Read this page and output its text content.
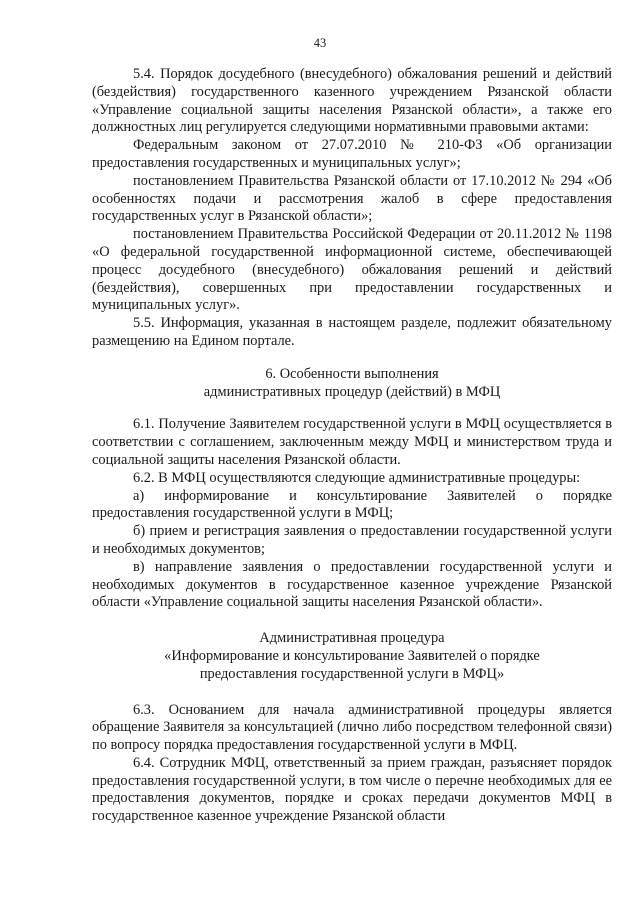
43

5.4. Порядок досудебного (внесудебного) обжалования решений и действий (бездействия) государственного казенного учреждением Рязанской области «Управление социальной защиты населения Рязанской области», а также его должностных лиц регулируется следующими нормативными правовыми актами:

Федеральным законом от 27.07.2010 № 210-ФЗ «Об организации предоставления государственных и муниципальных услуг»;

постановлением Правительства Рязанской области от 17.10.2012 № 294 «Об особенностях подачи и рассмотрения жалоб в сфере предоставления государственных услуг в Рязанской области»;

постановлением Правительства Российской Федерации от 20.11.2012 № 1198 «О федеральной государственной информационной системе, обеспечивающей процесс досудебного (внесудебного) обжалования решений и действий (бездействия), совершенных при предоставлении государственных и муниципальных услуг».

5.5. Информация, указанная в настоящем разделе, подлежит обязательному размещению на Едином портале.

6. Особенности выполнения

административных процедур (действий) в МФЦ

6.1. Получение Заявителем государственной услуги в МФЦ осуществляется в соответствии с соглашением, заключенным между МФЦ и министерством труда и социальной защиты населения Рязанской области.

6.2. В МФЦ осуществляются следующие административные процедуры:

а) информирование и консультирование Заявителей о порядке предоставления государственной услуги в МФЦ;

б) прием и регистрация заявления о предоставлении государственной услуги и необходимых документов;

в) направление заявления о предоставлении государственной услуги и необходимых документов в государственное казенное учреждение Рязанской области «Управление социальной защиты населения Рязанской области».

Административная процедура

«Информирование и консультирование Заявителей о порядке

предоставления государственной услуги в МФЦ»

6.3. Основанием для начала административной процедуры является обращение Заявителя за консультацией (лично либо посредством телефонной связи) по вопросу порядка предоставления государственной услуги в МФЦ.

6.4. Сотрудник МФЦ, ответственный за прием граждан, разъясняет порядок предоставления государственной услуги, в том числе о перечне необходимых для ее предоставления документов, порядке и сроках передачи документов МФЦ в государственное казенное учреждение Рязанской области
